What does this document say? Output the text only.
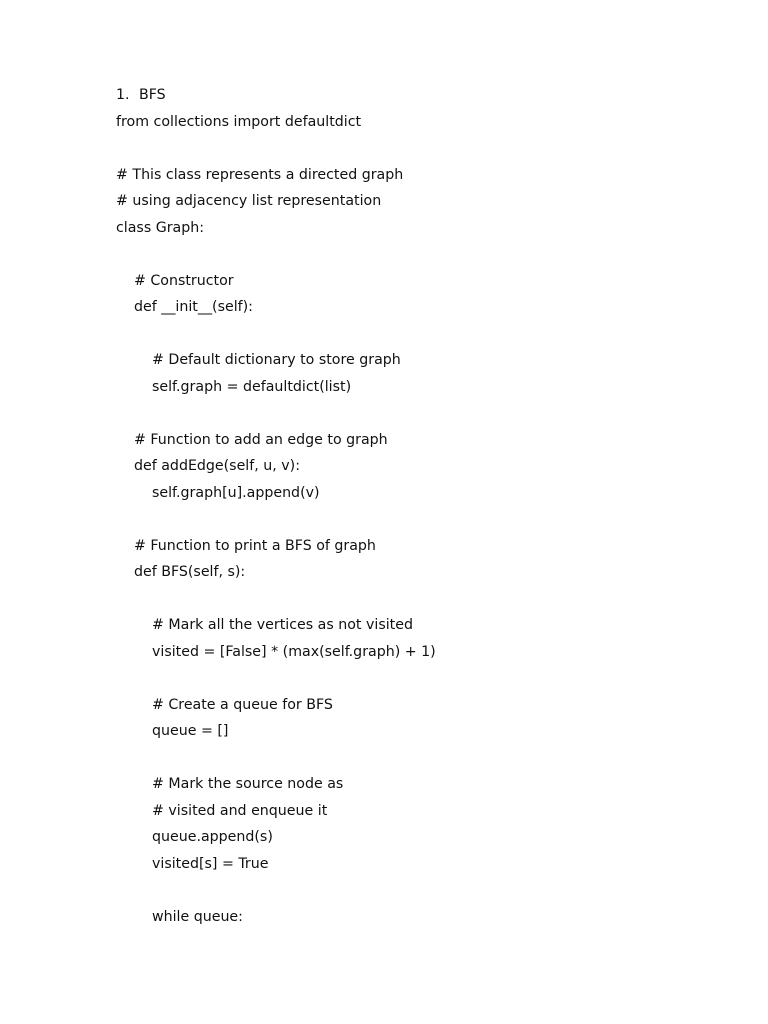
1. BFS
from collections import defaultdict
# This class represents a directed graph
# using adjacency list representation
class Graph:
# Constructor
def __init__(self):
# Default dictionary to store graph
self.graph = defaultdict(list)
# Function to add an edge to graph
def addEdge(self, u, v):
self.graph[u].append(v)
# Function to print a BFS of graph
def BFS(self, s):
# Mark all the vertices as not visited
visited = [False] * (max(self.graph) + 1)
# Create a queue for BFS
queue = []
# Mark the source node as
# visited and enqueue it
queue.append(s)
visited[s] = True
while queue:
